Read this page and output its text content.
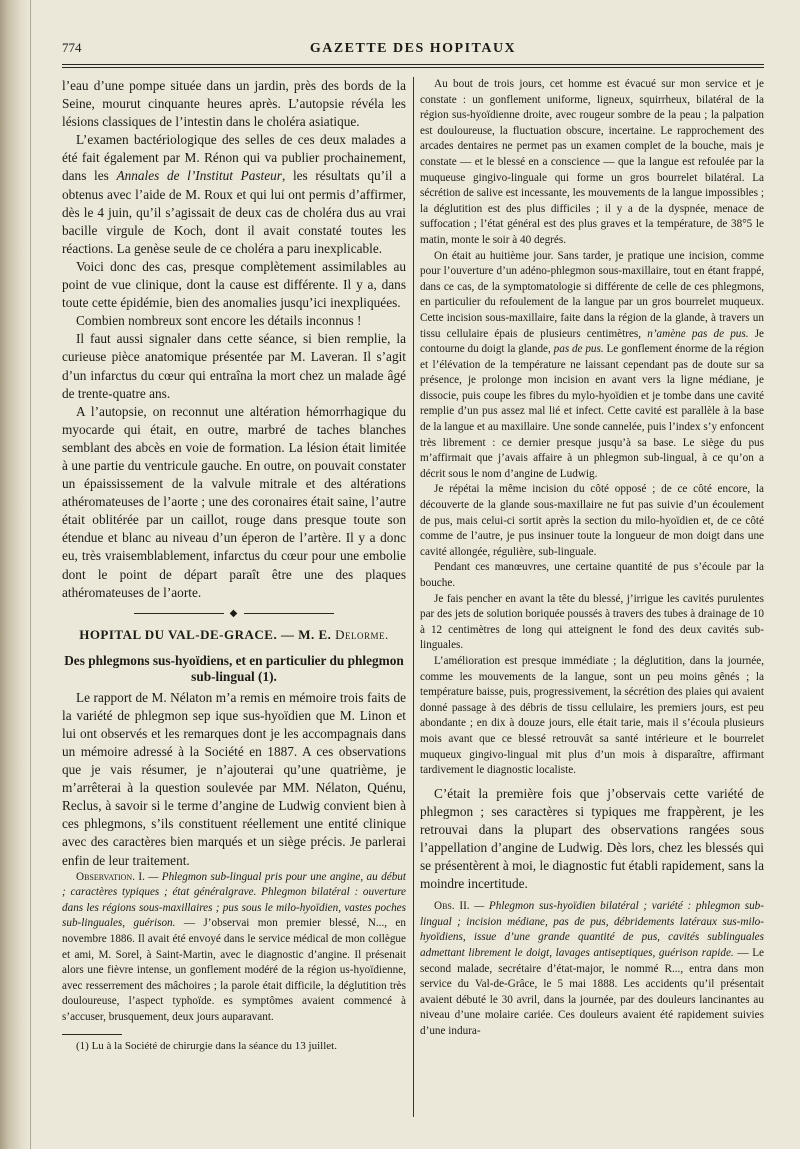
774	GAZETTE DES HOPITAUX

l’eau d’une pompe située dans un jardin, près des bords de la Seine, mourut cinquante heures après. L’autopsie révéla les lésions classiques de l’intestin dans le choléra asiatique.

L’examen bactériologique des selles de ces deux malades a été fait également par M. Rénon qui va publier prochainement, dans les Annales de l’Institut Pasteur, les résultats qu’il a obtenus avec l’aide de M. Roux et qui lui ont permis d’affirmer, dès le 4 juin, qu’il s’agissait de deux cas de choléra dus au vrai bacille virgule de Koch, dont il avait constaté toutes les réactions. La genèse seule de ce choléra a paru inexplicable.

Voici donc des cas, presque complètement assimilables au point de vue clinique, dont la cause est différente. Il y a, dans toute cette épidémie, bien des anomalies jusqu’ici inexpliquées.

Combien nombreux sont encore les détails inconnus !

Il faut aussi signaler dans cette séance, si bien remplie, la curieuse pièce anatomique présentée par M. Laveran. Il s’agit d’un infarctus du cœur qui entraîna la mort chez un malade âgé de trente-quatre ans.

A l’autopsie, on reconnut une altération hémorrhagique du myocarde qui était, en outre, marbré de taches blanches semblant des abcès en voie de formation. La lésion était limitée à une partie du ventricule gauche. En outre, on pouvait constater un épaississement de la valvule mitrale et des altérations athéromateuses de l’aorte ; une des coronaires était saine, l’autre était oblitérée par un caillot, rouge dans presque toute son étendue et blanc au niveau d’un éperon de l’artère. Il y a donc eu, très vraisemblablement, infarctus du cœur pour une embolie dont le point de départ paraît être une des plaques athéromateuses de l’aorte.

◆
HOPITAL DU VAL-DE-GRACE. — M. E. Delorme.
Des phlegmons sus-hyoïdiens, et en particulier du phlegmon sub-lingual (1).

Le rapport de M. Nélaton m’a remis en mémoire trois faits de la variété de phlegmon sep ique sus-hyoïdien que M. Linon et lui ont observés et les remarques dont je les accompagnais dans un mémoire adressé à la Société en 1887. A ces observations que je vais résumer, je n’ajouterai qu’une quatrième, je m’arrêterai à la question soulevée par MM. Nélaton, Quénu, Reclus, à savoir si le terme d’angine de Ludwig convient bien à ces phlegmons, s’ils constituent réellement une entité clinique avec des caractères bien marqués et un siège précis. Je parlerai enfin de leur traitement.

Observation. I. — Phlegmon sub-lingual pris pour une angine, au début ; caractères typiques ; état généralgrave. Phlegmon bilatéral : ouverture dans les régions sous-maxillaires ; pus sous le milo-hyoïdien, vastes poches sub-linguales, guérison. — J’observai mon premier blessé, N..., en novembre 1886. Il avait été envoyé dans le service médical de mon collègue et ami, M. Sorel, à Saint-Martin, avec le diagnostic d’angine. Il présenait alors une fièvre intense, un gonflement modéré de la région us-hyoïdienne, avec resserrement des mâchoires ; la parole était difficile, la déglutition très douloureuse, l’aspect typhoïde. es symptômes avaient commencé à s’accuser, brusquement, deux jours auparavant.

(1) Lu à la Société de chirurgie dans la séance du 13 juillet.

Au bout de trois jours, cet homme est évacué sur mon service et je constate : un gonflement uniforme, ligneux, squirrheux, bilatéral de la région sus-hyoïdienne droite, avec rougeur sombre de la peau ; la palpation est douloureuse, la fluctuation obscure, incertaine. Le rapprochement des arcades dentaires ne permet pas un examen complet de la bouche, mais je constate — et le blessé en a conscience — que la langue est refoulée par la muqueuse gingivo-linguale qui forme un gros bourrelet bilatéral. La sécrétion de salive est incessante, les mouvements de la langue impossibles ; la déglutition est des plus difficiles ; il y a de la dyspnée, menace de suffocation ; l’état général est des plus graves et la température, de 38°5 le matin, monte le soir à 40 degrés.

On était au huitième jour. Sans tarder, je pratique une incision, comme pour l’ouverture d’un adéno-phlegmon sous-maxillaire, tout en étant frappé, dans ce cas, de la symptomatologie si différente de celle de ces phlegmons, en particulier du refoulement de la langue par un gros bourrelet muqueux. Cette incision sous-maxillaire, faite dans la région de la glande, à travers un tissu cellulaire épais de plusieurs centimètres, n’amène pas de pus. Je contourne du doigt la glande, pas de pus. Le gonflement énorme de la région et l’élévation de la température ne laissant cependant pas de doute sur sa présence, je prolonge mon incision en avant vers la ligne médiane, je dissocie, puis coupe les fibres du mylo-hyoïdien et je tombe dans une cavité remplie d’un pus assez mal lié et infect. Cette cavité est parallèle à la base de la langue et au maxillaire. Une sonde cannelée, puis l’index s’y enfoncent très librement : ce dernier presque jusqu’à sa base. Le siège du pus m’affirmait que j’avais affaire à un phlegmon sub-lingual, à ce qu’on a décrit sous le nom d’angine de Ludwig.

Je répétai la même incision du côté opposé ; de ce côté encore, la découverte de la glande sous-maxillaire ne fut pas suivie d’un écoulement de pus, mais celui-ci sortit après la section du milo-hyoïdien et, de ce côté comme de l’autre, je pus insinuer toute la longueur de mon doigt dans une cavité allongée, régulière, sub-linguale.

Pendant ces manœuvres, une certaine quantité de pus s’écoule par la bouche.

Je fais pencher en avant la tête du blessé, j’irrigue les cavités purulentes par des jets de solution boriquée poussés à travers des tubes à drainage de 10 à 12 centimètres de long qui atteignent le fond des deux cavités sub-linguales.

L’amélioration est presque immédiate ; la déglutition, dans la journée, comme les mouvements de la langue, sont un peu moins gênés ; la température baisse, puis, progressivement, la sécrétion des plaies qui avaient donné passage à des débris de tissu cellulaire, les premiers jours, est peu abondante ; en dix à douze jours, elle était tarie, mais il s’écoula plusieurs mois avant que ce blessé retrouvât sa santé intérieure et le bourrelet muqueux gingivo-lingual mit plus d’un mois à disparaître, affirmant tardivement le diagnostic localiste.

C’était la première fois que j’observais cette variété de phlegmon ; ses caractères si typiques me frappèrent, je les retrouvai dans la plupart des observations rangées sous l’appellation d’angine de Ludwig. Dès lors, chez les blessés qui se présentèrent à moi, le diagnostic fut établi rapidement, sans la moindre incertitude.

Obs. II. — Phlegmon sus-hyoïdien bilatéral ; variété : phlegmon sub-lingual ; incision médiane, pas de pus, débridements latéraux sus-milo-hyoïdiens, issue d’une grande quantité de pus, cavités sublinguales admettant librement le doigt, lavages antiseptiques, guérison rapide. — Le second malade, secrétaire d’état-major, le nommé R..., entra dans mon service du Val-de-Grâce, le 5 mai 1888. Les accidents qu’il présentait avaient débuté le 30 avril, dans la journée, par des douleurs lancinantes au niveau d’une molaire cariée. Ces douleurs avaient été rapidement suivies d’une indura-
